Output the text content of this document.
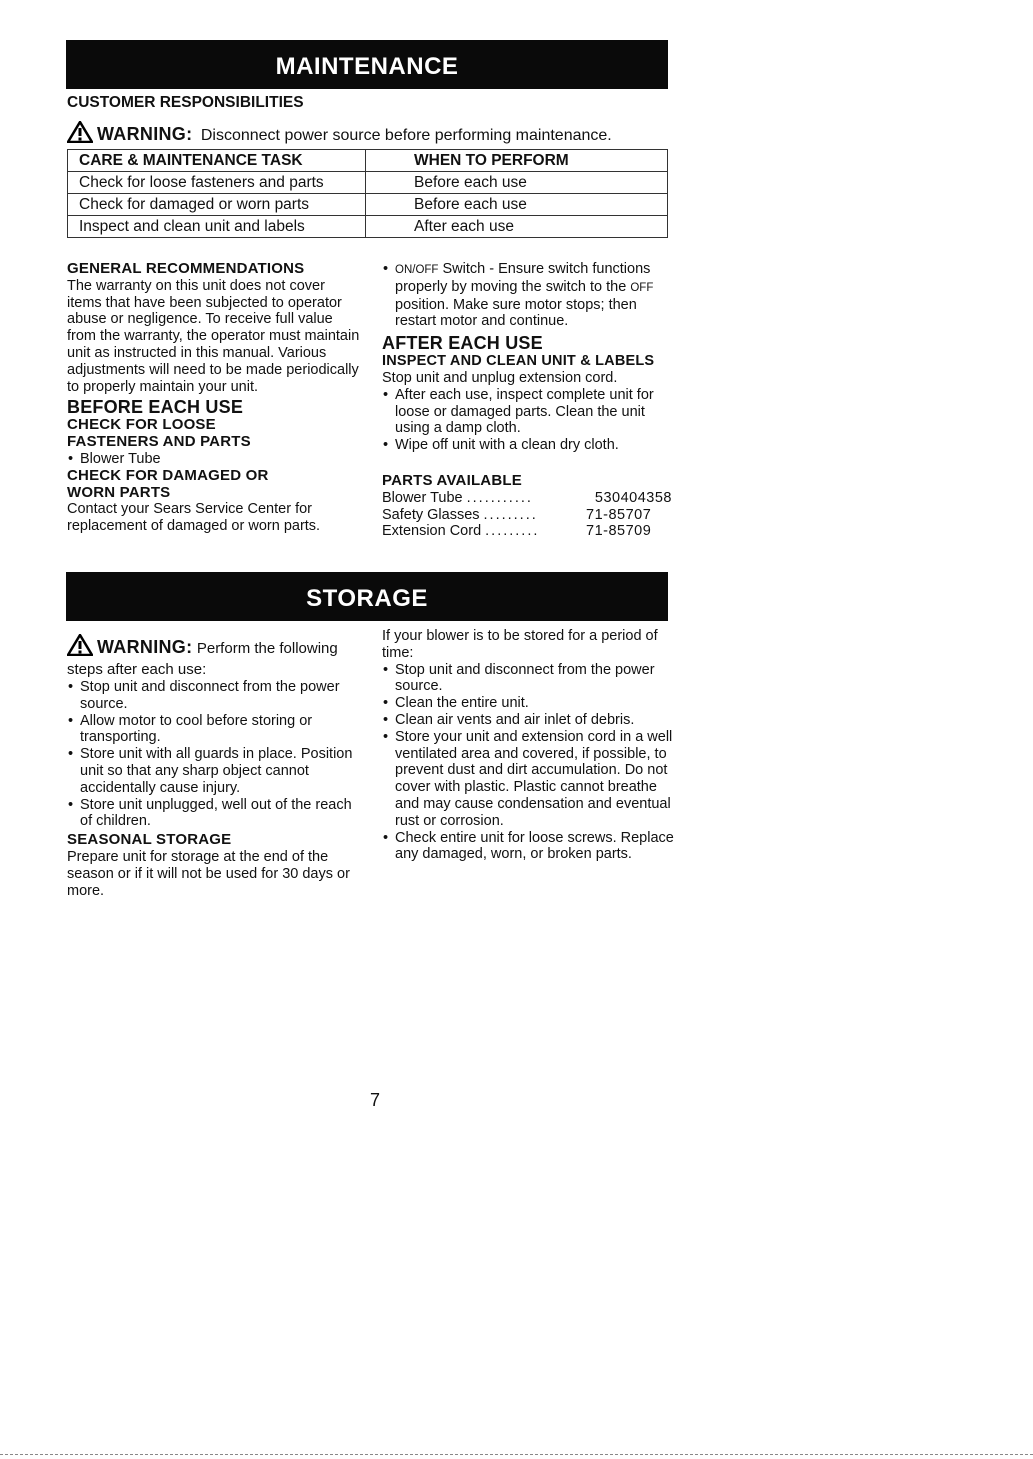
MAINTENANCE
CUSTOMER RESPONSIBILITIES
WARNING: Disconnect power source before performing maintenance.
CARE & MAINTENANCE TASK	WHEN TO PERFORM
Check for loose fasteners and parts	Before each use
Check for damaged or worn parts	Before each use
Inspect and clean unit and labels	After each use
GENERAL RECOMMENDATIONS

The warranty on this unit does not cover items that have been subjected to operator abuse or negligence. To receive full value from the warranty, the operator must maintain unit as instructed in this manual. Various adjustments will need to be made periodically to properly maintain your unit.

BEFORE EACH USE
CHECK FOR LOOSE
FASTENERS AND PARTS
• Blower Tube
CHECK FOR DAMAGED OR
WORN PARTS

Contact your Sears Service Center for replacement of damaged or worn parts.

• ON/OFF Switch - Ensure switch functions properly by moving the switch to the OFF position. Make sure motor stops; then restart motor and continue.
AFTER EACH USE
INSPECT AND CLEAN UNIT & LABELS

Stop unit and unplug extension cord.

• After each use, inspect complete unit for loose or damaged parts. Clean the unit using a damp cloth.
• Wipe off unit with a clean dry cloth.
PARTS AVAILABLE
Blower Tube ...........	530404358
Safety Glasses .........	71-85707
Extension Cord .........	71-85709
STORAGE
WARNING: Perform the following steps after each use:
• Stop unit and disconnect from the power source.
• Allow motor to cool before storing or transporting.
• Store unit with all guards in place. Position unit so that any sharp object cannot accidentally cause injury.
• Store unit unplugged, well out of the reach of children.
SEASONAL STORAGE

Prepare unit for storage at the end of the season or if it will not be used for 30 days or more.

If your blower is to be stored for a period of time:

• Stop unit and disconnect from the power source.
• Clean the entire unit.
• Clean air vents and air inlet of debris.
• Store your unit and extension cord in a well ventilated area and covered, if possible, to prevent dust and dirt accumulation. Do not cover with plastic. Plastic cannot breathe and may cause condensation and eventual rust or corrosion.
• Check entire unit for loose screws. Replace any damaged, worn, or broken parts.
7
